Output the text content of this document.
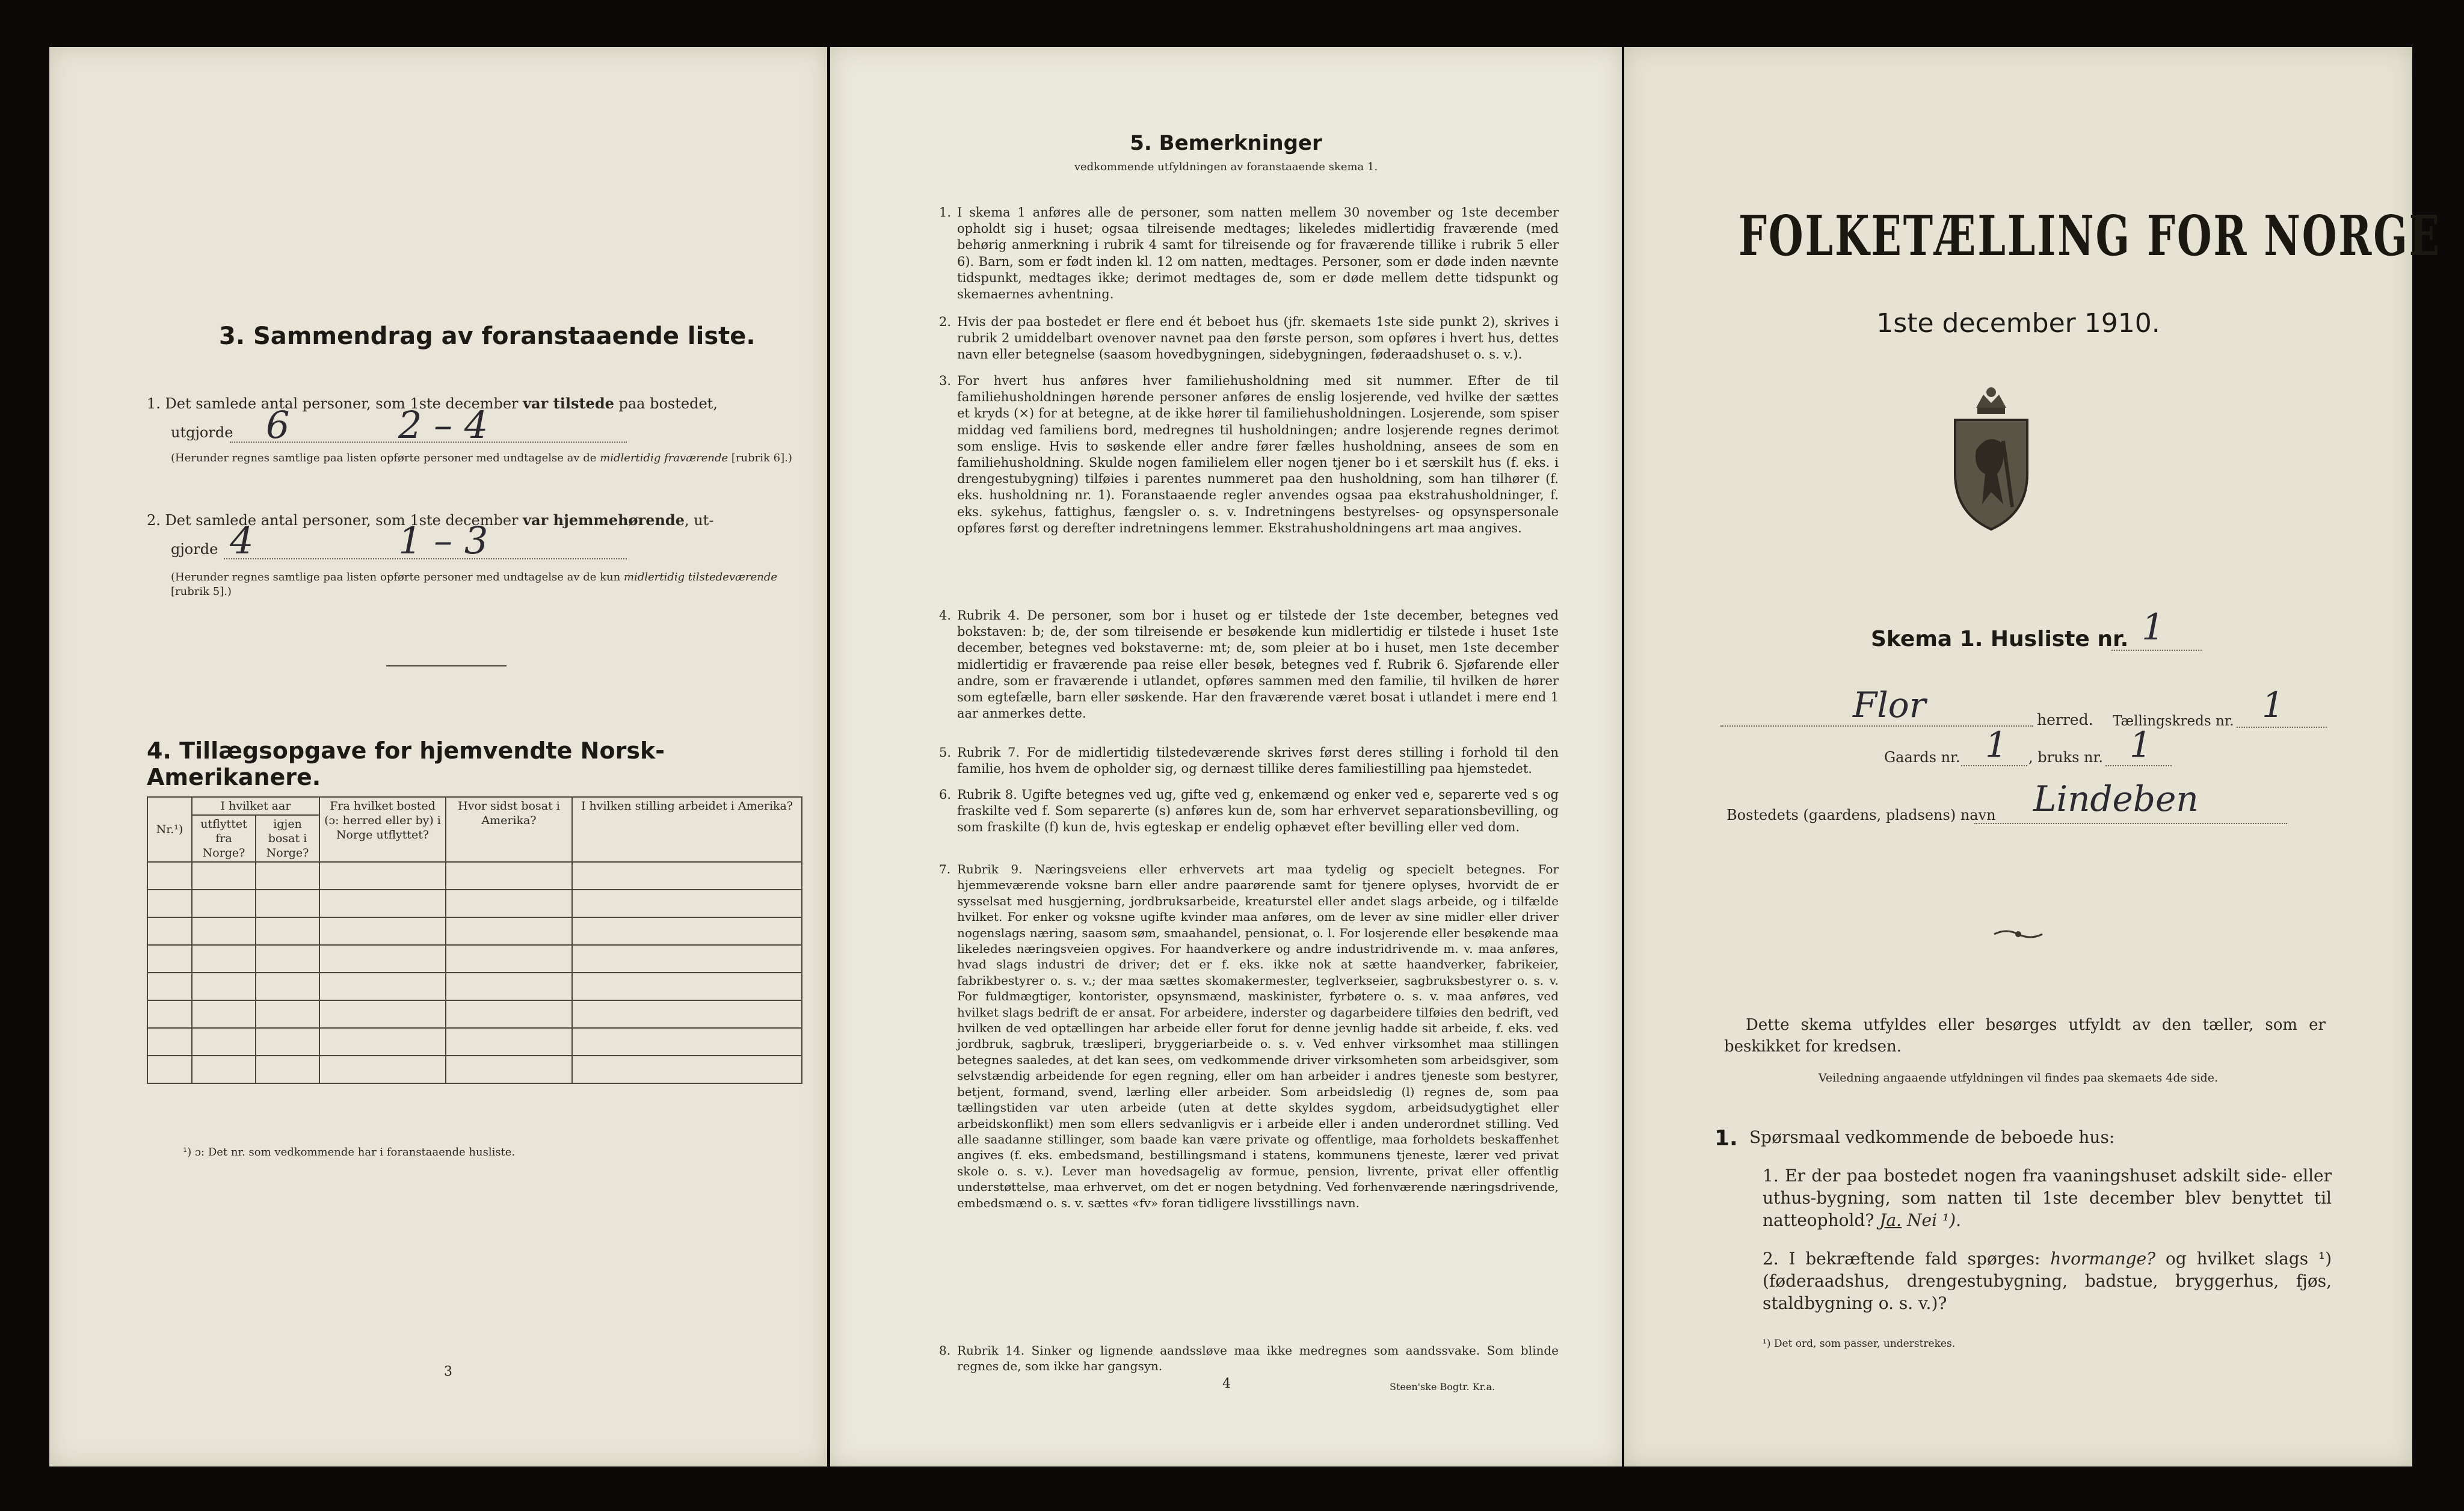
3. Sammendrag av foranstaaende liste.
1. Det samlede antal personer, som 1ste december var tilstede paa bostedet,
utgjorde 6	2 – 4
(Herunder regnes samtlige paa listen opførte personer med undtagelse av de midlertidig fraværende [rubrik 6].)
2. Det samlede antal personer, som 1ste december var hjemmehørende, ut-
gjorde 4	1 – 3
(Herunder regnes samtlige paa listen opførte personer med undtagelse av de kun midlertidig tilstedeværende [rubrik 5].)
4. Tillægsopgave for hjemvendte Norsk-Amerikanere.
Nr.¹)	I hvilket aar		Fra hvilket bosted (ɔ: herred eller by) i Norge utflyttet?	Hvor sidst bosat i Amerika?	I hvilken stilling arbeidet i Amerika?
	utflyttet fra Norge?	igjen bosat i Norge?			

¹) ɔ: Det nr. som vedkommende har i foranstaaende husliste.
3
5. Bemerkninger
vedkommende utfyldningen av foranstaaende skema 1.
1. I skema 1 anføres alle de personer, som natten mellem 30 november og 1ste december opholdt sig i huset; ogsaa tilreisende medtages; likeledes midlertidig fraværende (med behørig anmerkning i rubrik 4 samt for tilreisende og for fraværende tillike i rubrik 5 eller 6). Barn, som er født inden kl. 12 om natten, medtages. Personer, som er døde inden nævnte tidspunkt, medtages ikke; derimot medtages de, som er døde mellem dette tidspunkt og skemaernes avhentning.
2. Hvis der paa bostedet er flere end ét beboet hus (jfr. skemaets 1ste side punkt 2), skrives i rubrik 2 umiddelbart ovenover navnet paa den første person, som opføres i hvert hus, dettes navn eller betegnelse (saasom hovedbygningen, sidebygningen, føderaadshuset o. s. v.).
3. For hvert hus anføres hver familiehusholdning med sit nummer. Efter de til familiehusholdningen hørende personer anføres de enslig losjerende, ved hvilke der sættes et kryds (×) for at betegne, at de ikke hører til familiehusholdningen. Losjerende, som spiser middag ved familiens bord, medregnes til husholdningen; andre losjerende regnes derimot som enslige. Hvis to søskende eller andre fører fælles husholdning, ansees de som en familiehusholdning. Skulde nogen familielem eller nogen tjener bo i et særskilt hus (f. eks. i drengestubygning) tilføies i parentes nummeret paa den husholdning, som han tilhører (f. eks. husholdning nr. 1). Foranstaaende regler anvendes ogsaa paa ekstrahusholdninger, f. eks. sykehus, fattighus, fængsler o. s. v. Indretningens bestyrelses- og opsynspersonale opføres først og derefter indretningens lemmer. Ekstrahusholdningens art maa angives.
4. Rubrik 4. De personer, som bor i huset og er tilstede der 1ste december, betegnes ved bokstaven: b; de, der som tilreisende er besøkende kun midlertidig er tilstede i huset 1ste december, betegnes ved bokstaverne: mt; de, som pleier at bo i huset, men 1ste december midlertidig er fraværende paa reise eller besøk, betegnes ved f. Rubrik 6. Sjøfarende eller andre, som er fraværende i utlandet, opføres sammen med den familie, til hvilken de hører som egtefælle, barn eller søskende. Har den fraværende været bosat i utlandet i mere end 1 aar anmerkes dette.
5. Rubrik 7. For de midlertidig tilstedeværende skrives først deres stilling i forhold til den familie, hos hvem de opholder sig, og dernæst tillike deres familiestilling paa hjemstedet.
6. Rubrik 8. Ugifte betegnes ved ug, gifte ved g, enkemænd og enker ved e, separerte ved s og fraskilte ved f. Som separerte (s) anføres kun de, som har erhvervet separationsbevilling, og som fraskilte (f) kun de, hvis egteskap er endelig ophævet efter bevilling eller ved dom.
7. Rubrik 9. Næringsveiens eller erhvervets art maa tydelig og specielt betegnes. For hjemmeværende voksne barn eller andre paarørende samt for tjenere oplyses, hvorvidt de er sysselsat med husgjerning, jordbruksarbeide, kreaturstel eller andet slags arbeide, og i tilfælde hvilket. For enker og voksne ugifte kvinder maa anføres, om de lever av sine midler eller driver nogenslags næring, saasom søm, smaahandel, pensionat, o. l. For losjerende eller besøkende maa likeledes næringsveien opgives. For haandverkere og andre industridrivende m. v. maa anføres, hvad slags industri de driver; det er f. eks. ikke nok at sætte haandverker, fabrikeier, fabrikbestyrer o. s. v.; der maa sættes skomakermester, teglverkseier, sagbruksbestyrer o. s. v. For fuldmægtiger, kontorister, opsynsmænd, maskinister, fyrbøtere o. s. v. maa anføres, ved hvilket slags bedrift de er ansat. For arbeidere, inderster og dagarbeidere tilføies den bedrift, ved hvilken de ved optællingen har arbeide eller forut for denne jevnlig hadde sit arbeide, f. eks. ved jordbruk, sagbruk, træsliperi, bryggeriarbeide o. s. v. Ved enhver virksomhet maa stillingen betegnes saaledes, at det kan sees, om vedkommende driver virksomheten som arbeidsgiver, som selvstændig arbeidende for egen regning, eller om han arbeider i andres tjeneste som bestyrer, betjent, formand, svend, lærling eller arbeider. Som arbeidsledig (l) regnes de, som paa tællingstiden var uten arbeide (uten at dette skyldes sygdom, arbeidsudygtighet eller arbeidskonflikt) men som ellers sedvanligvis er i arbeide eller i anden underordnet stilling. Ved alle saadanne stillinger, som baade kan være private og offentlige, maa forholdets beskaffenhet angives (f. eks. embedsmand, bestillingsmand i statens, kommunens tjeneste, lærer ved privat skole o. s. v.). Lever man hovedsagelig av formue, pension, livrente, privat eller offentlig understøttelse, maa erhvervet, om det er nogen betydning. Ved forhenværende næringsdrivende, embedsmænd o. s. v. sættes «fv» foran tidligere livsstillings navn.
8. Rubrik 14. Sinker og lignende aandssløve maa ikke medregnes som aandssvake. Som blinde regnes de, som ikke har gangsyn.
4	Steen'ske Bogtr. Kr.a.
FOLKETÆLLING FOR NORGE
1ste december 1910.
Skema 1. Husliste nr. 1
Flor	herred. Tællingskreds nr. 1
Gaards nr. 1 , bruks nr. 1
Bostedets (gaardens, pladsens) navn Lindeben
Dette skema utfyldes eller besørges utfyldt av den tæller, som er beskikket for kredsen.
Veiledning angaaende utfyldningen vil findes paa skemaets 4de side.
1. Spørsmaal vedkommende de beboede hus:
1. Er der paa bostedet nogen fra vaaningshuset adskilt side- eller uthus-bygning, som natten til 1ste december blev benyttet til natteophold? Ja. Nei ¹).
2. I bekræftende fald spørges: hvormange? og hvilket slags ¹) (føderaadshus, drengestubygning, badstue, bryggerhus, fjøs, staldbygning o. s. v.)?
¹) Det ord, som passer, understrekes.
